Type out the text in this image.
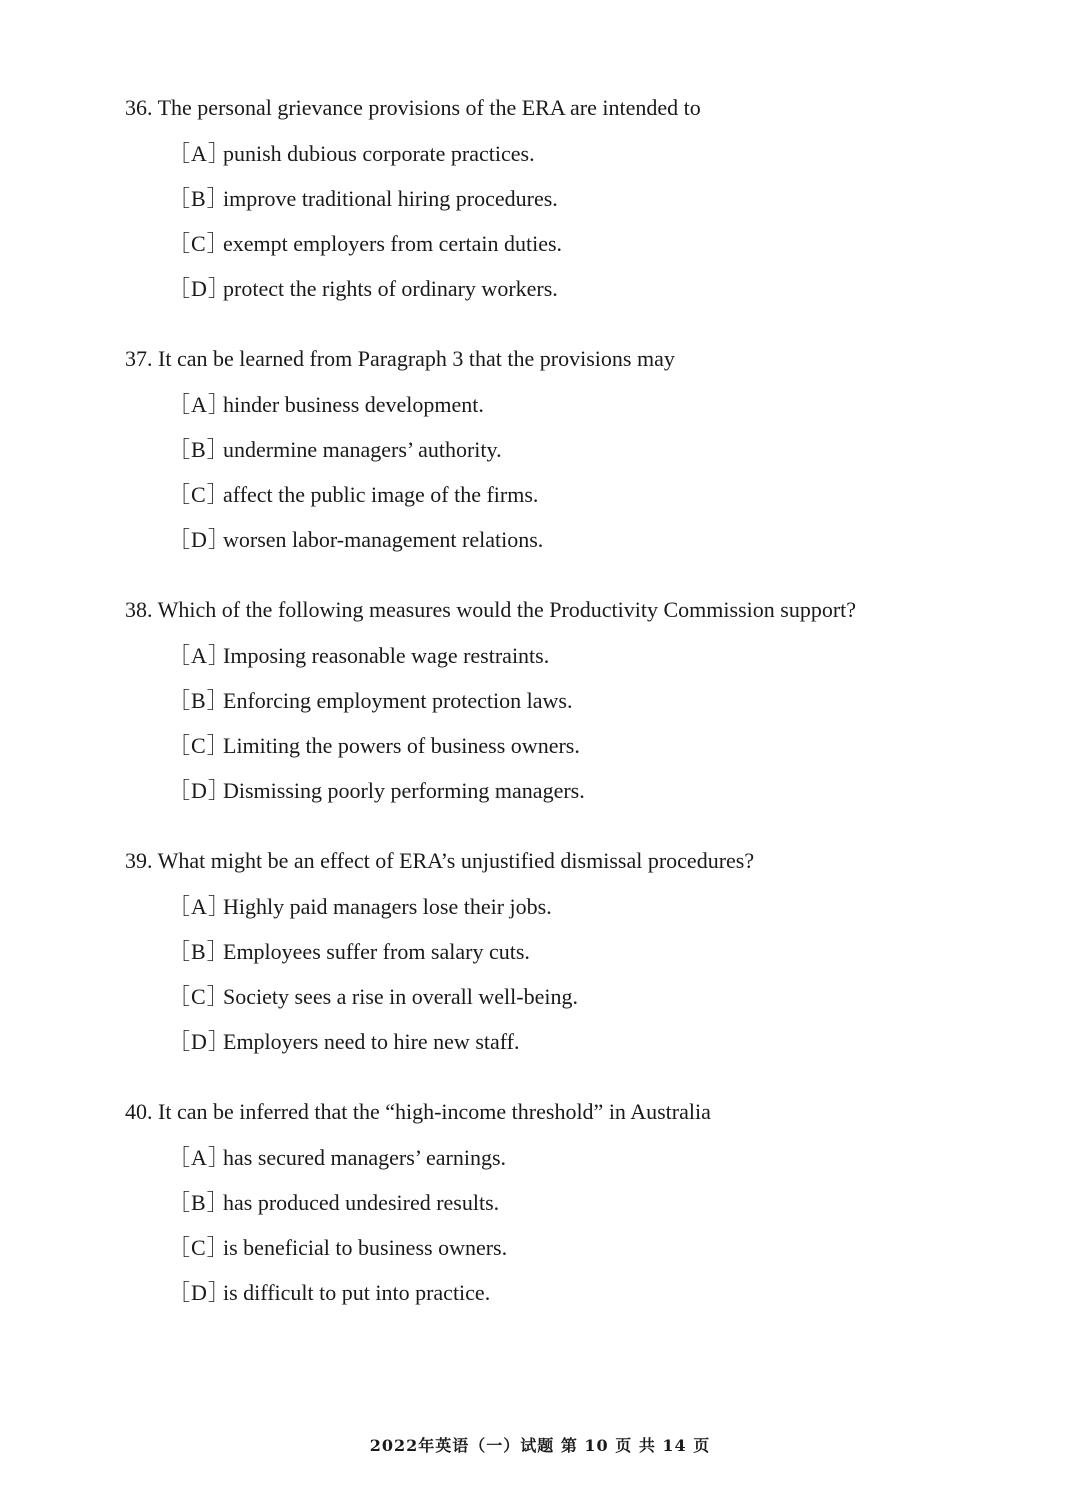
36. The personal grievance provisions of the ERA are intended to

［A］
punish dubious corporate practices.
［B］
improve traditional hiring procedures.
［C］
exempt employers from certain duties.
［D］
protect the rights of ordinary workers.

37. It can be learned from Paragraph 3 that the provisions may

［A］
hinder business development.
［B］
undermine managers’ authority.
［C］
affect the public image of the firms.
［D］
worsen labor-management relations.

38. Which of the following measures would the Productivity Commission support?

［A］
Imposing reasonable wage restraints.
［B］
Enforcing employment protection laws.
［C］
Limiting the powers of business owners.
［D］
Dismissing poorly performing managers.

39. What might be an effect of ERA’s unjustified dismissal procedures?

［A］
Highly paid managers lose their jobs.
［B］
Employees suffer from salary cuts.
［C］
Society sees a rise in overall well-being.
［D］
Employers need to hire new staff.

40. It can be inferred that the “high-income threshold” in Australia

［A］
has secured managers’ earnings.
［B］
has produced undesired results.
［C］
is beneficial to business owners.
［D］
is difficult to put into practice.
2022年英语（一）试题 第 10 页 共 14 页
